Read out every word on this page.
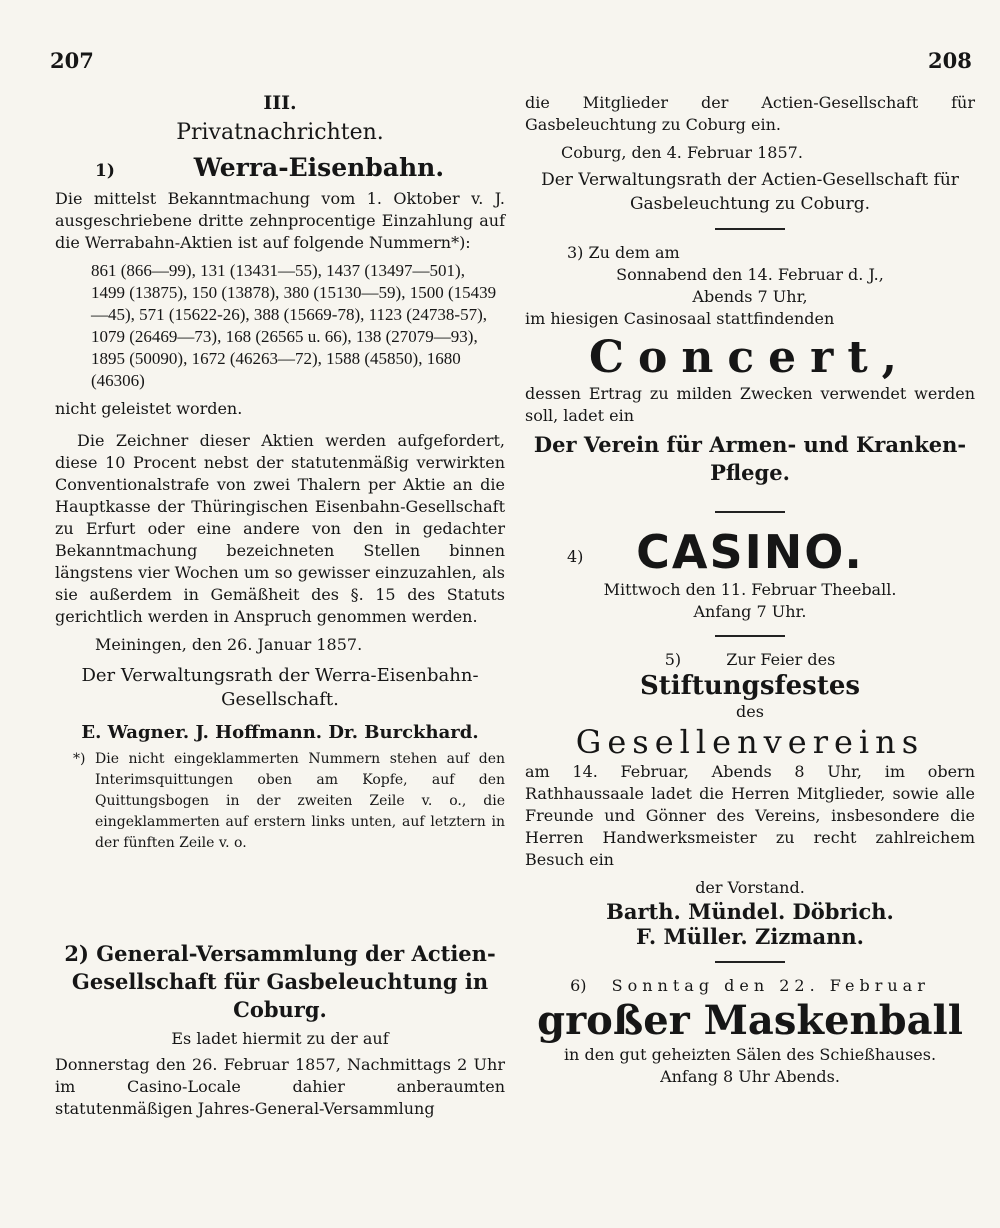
207	208
III.
Privatnachrichten.
1)	Werra-Eisenbahn.

Die mittelst Bekanntmachung vom 1. Oktober v. J. ausgeschriebene dritte zehnprocentige Einzahlung auf die Werrabahn-Aktien ist auf folgende Nummern*):

861 (866—99), 131 (13431—55), 1437 (13497—501), 1499 (13875), 150 (13878), 380 (15130—59), 1500 (15439—45), 571 (15622-26), 388 (15669-78), 1123 (24738-57), 1079 (26469—73), 168 (26565 u. 66), 138 (27079—93), 1895 (50090), 1672 (46263—72), 1588 (45850), 1680 (46306)

nicht geleistet worden.

Die Zeichner dieser Aktien werden aufgefordert, diese 10 Procent nebst der statutenmäßig verwirkten Conventionalstrafe von zwei Thalern per Aktie an die Hauptkasse der Thüringischen Eisenbahn-Gesellschaft zu Erfurt oder eine andere von den in gedachter Bekanntmachung bezeichneten Stellen binnen längstens vier Wochen um so gewisser einzuzahlen, als sie außerdem in Gemäßheit des §. 15 des Statuts gerichtlich werden in Anspruch genommen werden.

Meiningen, den 26. Januar 1857.

Der Verwaltungsrath der Werra-Eisenbahn-Gesellschaft.

E. Wagner. J. Hoffmann. Dr. Burckhard.

*) Die nicht eingeklammerten Nummern stehen auf den Interimsquittungen oben am Kopfe, auf den Quittungsbogen in der zweiten Zeile v. o., die eingeklammerten auf erstern links unten, auf letztern in der fünften Zeile v. o.

2) General-Versammlung der Actien-Gesellschaft für Gasbeleuchtung in Coburg.

Es ladet hiermit zu der auf

Donnerstag den 26. Februar 1857, Nachmittags 2 Uhr im Casino-Locale dahier anberaumten statutenmäßigen Jahres-General-Versammlung

die Mitglieder der Actien-Gesellschaft für Gasbeleuchtung zu Coburg ein.

Coburg, den 4. Februar 1857.

Der Verwaltungsrath der Actien-Gesellschaft für Gasbeleuchtung zu Coburg.

3) Zu dem am

Sonnabend den 14. Februar d. J.,

Abends 7 Uhr,

im hiesigen Casinosaal stattfindenden

Concert,

dessen Ertrag zu milden Zwecken verwendet werden soll, ladet ein

Der Verein für Armen- und Kranken-Pflege.

4) CASINO.

Mittwoch den 11. Februar Theeball.

Anfang 7 Uhr.

5)	Zur Feier des

Stiftungsfestes

des

Gesellenvereins

am 14. Februar, Abends 8 Uhr, im obern Rathhaussaale ladet die Herren Mitglieder, sowie alle Freunde und Gönner des Vereins, insbesondere die Herren Handwerksmeister zu recht zahlreichem Besuch ein

der Vorstand.

Barth. Mündel. Döbrich.

F. Müller. Zizmann.

6) Sonntag den 22. Februar

großer Maskenball

in den gut geheizten Sälen des Schießhauses.

Anfang 8 Uhr Abends.
